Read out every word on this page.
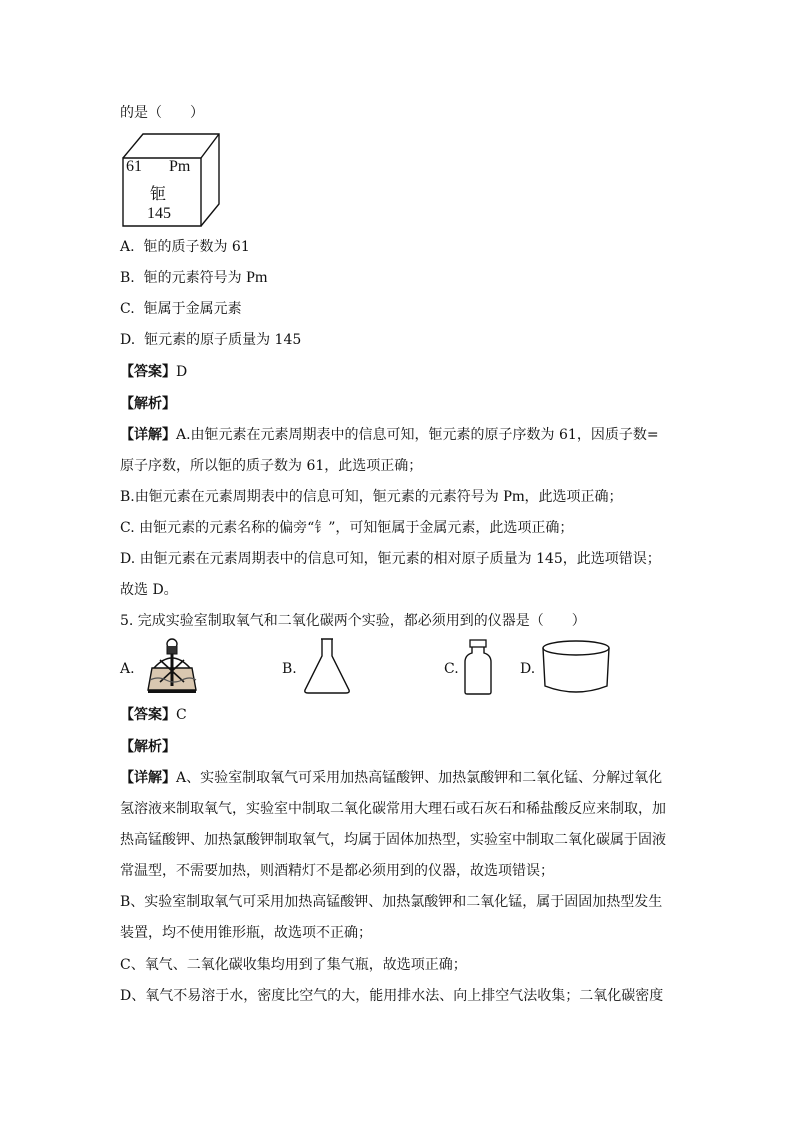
的是（　　）
61 Pm
钷
145
A. 钷的质子数为 61
B. 钷的元素符号为 Pm
C. 钷属于金属元素
D. 钷元素的原子质量为 145
【答案】D
【解析】
【详解】A.由钷元素在元素周期表中的信息可知，钷元素的原子序数为 61，因质子数=原子序数，所以钷的质子数为 61，此选项正确；
B.由钷元素在元素周期表中的信息可知，钷元素的元素符号为 Pm，此选项正确；
C. 由钷元素的元素名称的偏旁“钅”，可知钷属于金属元素，此选项正确；
D. 由钷元素在元素周期表中的信息可知，钷元素的相对原子质量为 145，此选项错误；
故选 D。
5. 完成实验室制取氧气和二氧化碳两个实验，都必须用到的仪器是（　　）
A.	B.	C.	D.
【答案】C
【解析】
【详解】A、实验室制取氧气可采用加热高锰酸钾、加热氯酸钾和二氧化锰、分解过氧化氢溶液来制取氧气，实验室中制取二氧化碳常用大理石或石灰石和稀盐酸反应来制取，加热高锰酸钾、加热氯酸钾制取氧气，均属于固体加热型，实验室中制取二氧化碳属于固液常温型，不需要加热，则酒精灯不是都必须用到的仪器，故选项错误；
B、实验室制取氧气可采用加热高锰酸钾、加热氯酸钾和二氧化锰，属于固固加热型发生装置，均不使用锥形瓶，故选项不正确；
C、氧气、二氧化碳收集均用到了集气瓶，故选项正确；
D、氧气不易溶于水，密度比空气的大，能用排水法、向上排空气法收集；二氧化碳密度
